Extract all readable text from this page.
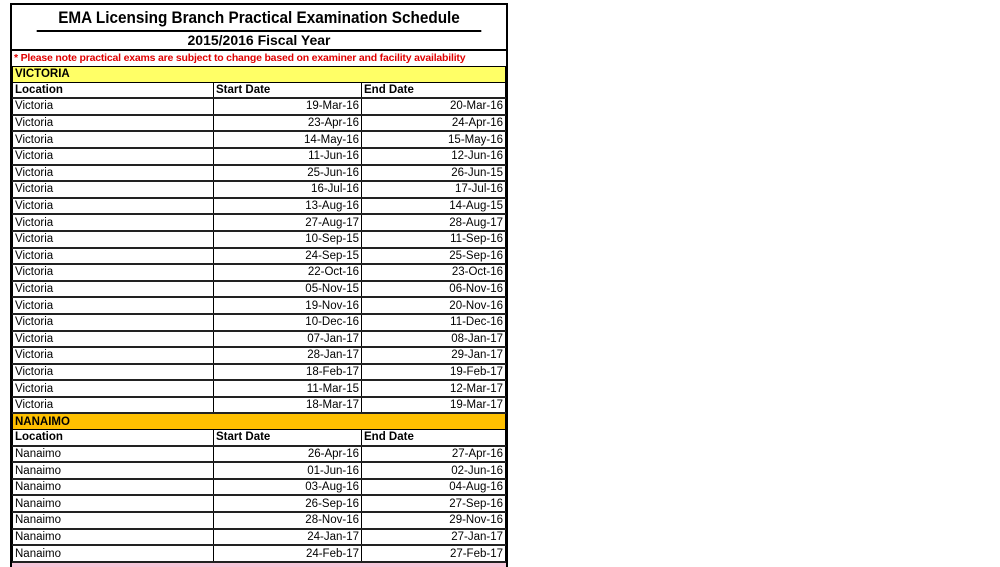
EMA Licensing Branch Practical Examination Schedule
2015/2016 Fiscal Year
* Please note practical exams are subject to change based on examiner and facility availability
VICTORIA		
Location	Start Date	End Date
Victoria	19-Mar-16	20-Mar-16
Victoria	23-Apr-16	24-Apr-16
Victoria	14-May-16	15-May-16
Victoria	11-Jun-16	12-Jun-16
Victoria	25-Jun-16	26-Jun-15
Victoria	16-Jul-16	17-Jul-16
Victoria	13-Aug-16	14-Aug-15
Victoria	27-Aug-17	28-Aug-17
Victoria	10-Sep-15	11-Sep-16
Victoria	24-Sep-15	25-Sep-16
Victoria	22-Oct-16	23-Oct-16
Victoria	05-Nov-15	06-Nov-16
Victoria	19-Nov-16	20-Nov-16
Victoria	10-Dec-16	11-Dec-16
Victoria	07-Jan-17	08-Jan-17
Victoria	28-Jan-17	29-Jan-17
Victoria	18-Feb-17	19-Feb-17
Victoria	11-Mar-15	12-Mar-17
Victoria	18-Mar-17	19-Mar-17
NANAIMO		
Location	Start Date	End Date
Nanaimo	26-Apr-16	27-Apr-16
Nanaimo	01-Jun-16	02-Jun-16
Nanaimo	03-Aug-16	04-Aug-16
Nanaimo	26-Sep-16	27-Sep-16
Nanaimo	28-Nov-16	29-Nov-16
Nanaimo	24-Jan-17	27-Jan-17
Nanaimo	24-Feb-17	27-Feb-17
